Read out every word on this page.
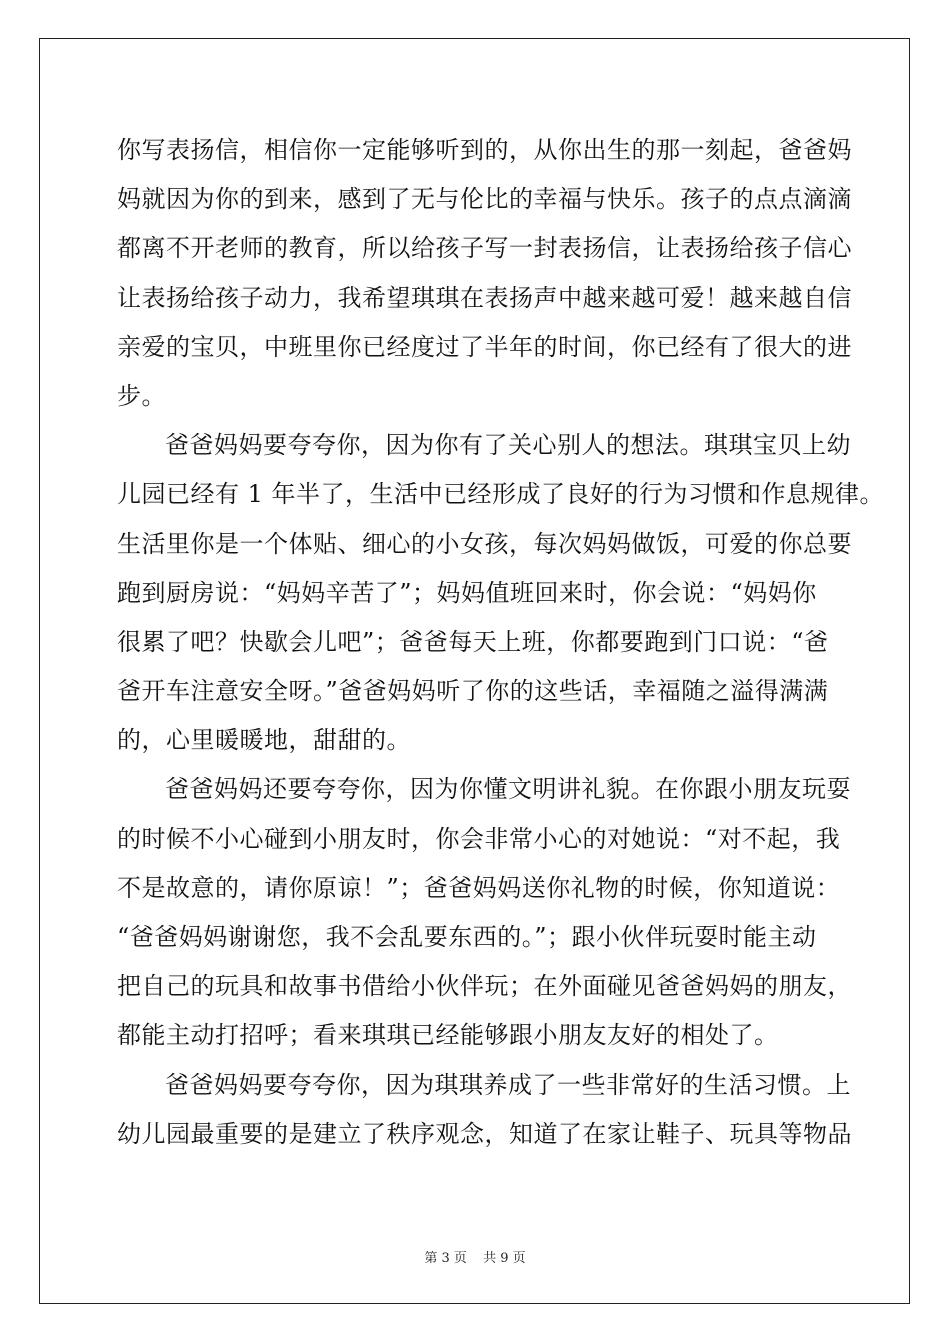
你写表扬信，相信你一定能够听到的，从你出生的那一刻起，爸爸妈
妈就因为你的到来，感到了无与伦比的幸福与快乐。孩子的点点滴滴
都离不开老师的教育，所以给孩子写一封表扬信，让表扬给孩子信心
让表扬给孩子动力，我希望琪琪在表扬声中越来越可爱！越来越自信
亲爱的宝贝，中班里你已经度过了半年的时间，你已经有了很大的进
步。
爸爸妈妈要夸夸你，因为你有了关心别人的想法。琪琪宝贝上幼
儿园已经有 1 年半了，生活中已经形成了良好的行为习惯和作息规律。
生活里你是一个体贴、细心的小女孩，每次妈妈做饭，可爱的你总要
跑到厨房说：“妈妈辛苦了”；妈妈值班回来时，你会说：“妈妈你
很累了吧？快歇会儿吧”；爸爸每天上班，你都要跑到门口说：“爸
爸开车注意安全呀。”爸爸妈妈听了你的这些话，幸福随之溢得满满
的，心里暖暖地，甜甜的。
爸爸妈妈还要夸夸你，因为你懂文明讲礼貌。在你跟小朋友玩耍
的时候不小心碰到小朋友时，你会非常小心的对她说：“对不起，我
不是故意的，请你原谅！”；爸爸妈妈送你礼物的时候，你知道说：
“爸爸妈妈谢谢您，我不会乱要东西的。”；跟小伙伴玩耍时能主动
把自己的玩具和故事书借给小伙伴玩；在外面碰见爸爸妈妈的朋友，
都能主动打招呼；看来琪琪已经能够跟小朋友友好的相处了。
爸爸妈妈要夸夸你，因为琪琪养成了一些非常好的生活习惯。上
幼儿园最重要的是建立了秩序观念，知道了在家让鞋子、玩具等物品
第 3 页 共 9 页
